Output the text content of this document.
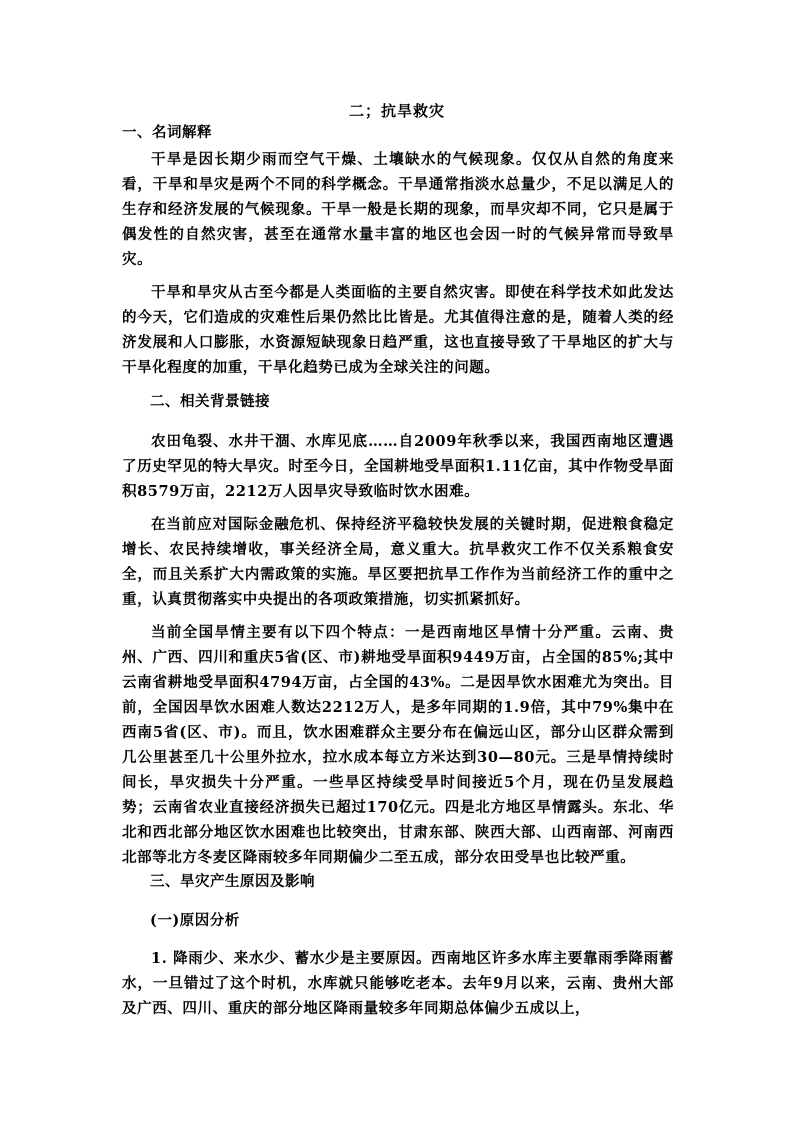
二；抗旱救灾
一、名词解释

干旱是因长期少雨而空气干燥、土壤缺水的气候现象。仅仅从自然的角度来看，干旱和旱灾是两个不同的科学概念。干旱通常指淡水总量少，不足以满足人的生存和经济发展的气候现象。干旱一般是长期的现象，而旱灾却不同，它只是属于偶发性的自然灾害，甚至在通常水量丰富的地区也会因一时的气候异常而导致旱灾。

干旱和旱灾从古至今都是人类面临的主要自然灾害。即使在科学技术如此发达的今天，它们造成的灾难性后果仍然比比皆是。尤其值得注意的是，随着人类的经济发展和人口膨胀，水资源短缺现象日趋严重，这也直接导致了干旱地区的扩大与干旱化程度的加重，干旱化趋势已成为全球关注的问题。

二、相关背景链接

农田龟裂、水井干涸、水库见底……自2009年秋季以来，我国西南地区遭遇了历史罕见的特大旱灾。时至今日，全国耕地受旱面积1.11亿亩，其中作物受旱面积8579万亩，2212万人因旱灾导致临时饮水困难。

在当前应对国际金融危机、保持经济平稳较快发展的关键时期，促进粮食稳定增长、农民持续增收，事关经济全局，意义重大。抗旱救灾工作不仅关系粮食安全，而且关系扩大内需政策的实施。旱区要把抗旱工作作为当前经济工作的重中之重，认真贯彻落实中央提出的各项政策措施，切实抓紧抓好。

当前全国旱情主要有以下四个特点：一是西南地区旱情十分严重。云南、贵州、广西、四川和重庆5省(区、市)耕地受旱面积9449万亩，占全国的85%;其中云南省耕地受旱面积4794万亩，占全国的43%。二是因旱饮水困难尤为突出。目前，全国因旱饮水困难人数达2212万人，是多年同期的1.9倍，其中79%集中在西南5省(区、市)。而且，饮水困难群众主要分布在偏远山区，部分山区群众需到几公里甚至几十公里外拉水，拉水成本每立方米达到30—80元。三是旱情持续时间长，旱灾损失十分严重。一些旱区持续受旱时间接近5个月，现在仍呈发展趋势；云南省农业直接经济损失已超过170亿元。四是北方地区旱情露头。东北、华北和西北部分地区饮水困难也比较突出，甘肃东部、陕西大部、山西南部、河南西北部等北方冬麦区降雨较多年同期偏少二至五成，部分农田受旱也比较严重。

三、旱灾产生原因及影响
(一)原因分析

1. 降雨少、来水少、蓄水少是主要原因。西南地区许多水库主要靠雨季降雨蓄水，一旦错过了这个时机，水库就只能够吃老本。去年9月以来，云南、贵州大部及广西、四川、重庆的部分地区降雨量较多年同期总体偏少五成以上，
